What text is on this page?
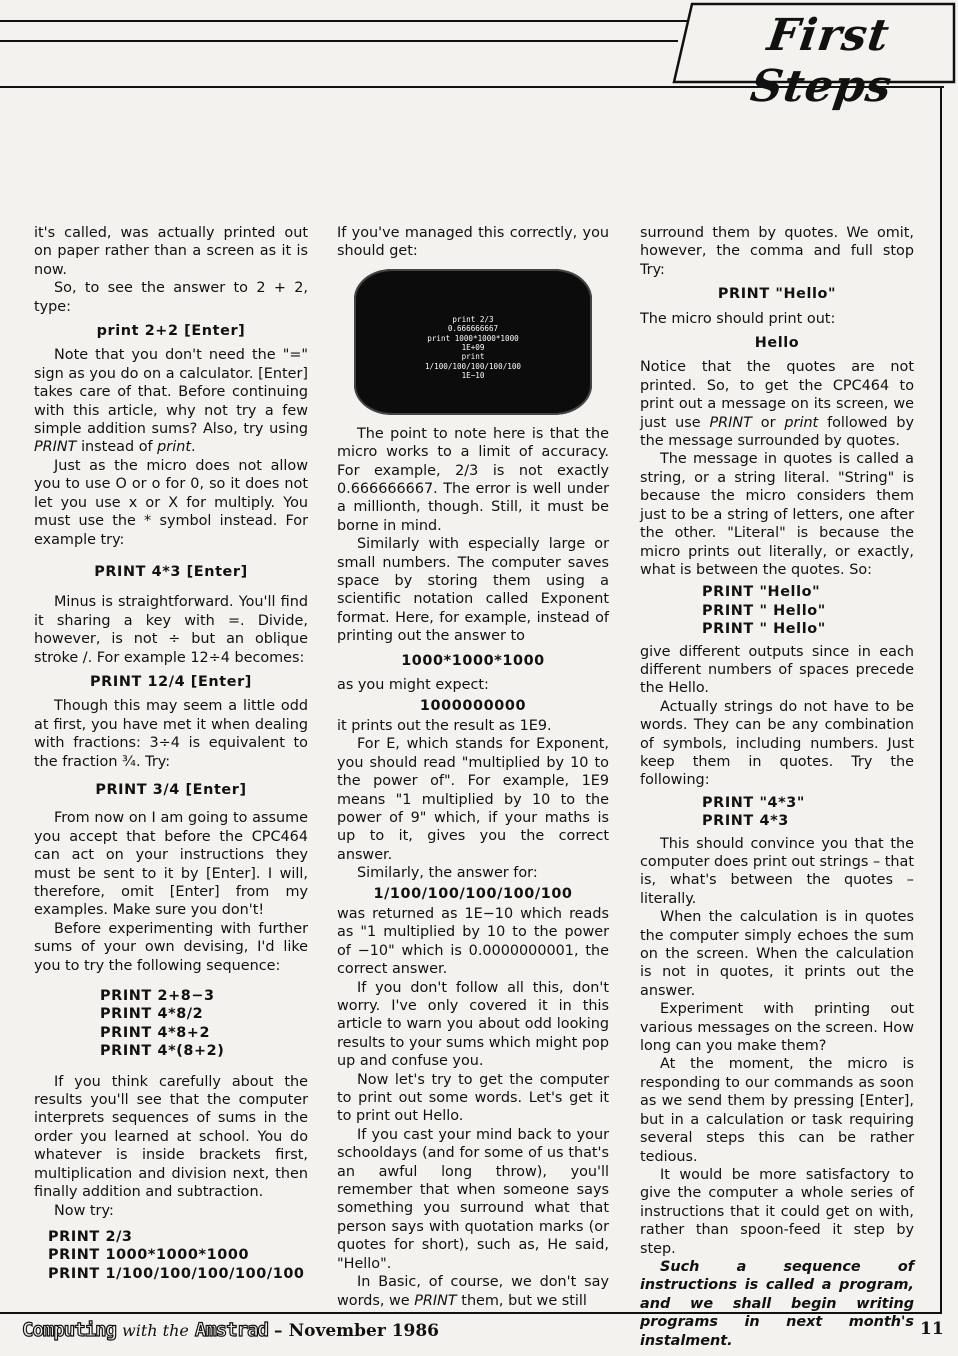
First Steps

it's called, was actually printed out on paper rather than a screen as it is now.

So, to see the answer to 2 + 2, type:

print 2+2 [Enter]

Note that you don't need the "=" sign as you do on a calculator. [Enter] takes care of that. Before continuing with this article, why not try a few simple addition sums? Also, try using PRINT instead of print.

Just as the micro does not allow you to use O or o for 0, so it does not let you use x or X for multiply. You must use the * symbol instead. For example try:

PRINT 4*3 [Enter]

Minus is straightforward. You'll find it sharing a key with =. Divide, however, is not ÷ but an oblique stroke /. For example 12÷4 becomes:

PRINT 12/4 [Enter]

Though this may seem a little odd at first, you have met it when dealing with fractions: 3÷4 is equivalent to the fraction ¾. Try:

PRINT 3/4 [Enter]

From now on I am going to assume you accept that before the CPC464 can act on your instructions they must be sent to it by [Enter]. I will, therefore, omit [Enter] from my examples. Make sure you don't!

Before experimenting with further sums of your own devising, I'd like you to try the following sequence:

PRINT 2+8−3
PRINT 4*8/2
PRINT 4*8+2
PRINT 4*(8+2)

If you think carefully about the results you'll see that the computer interprets sequences of sums in the order you learned at school. You do whatever is inside brackets first, multiplication and division next, then finally addition and subtraction.

Now try:

PRINT 2/3
PRINT 1000*1000*1000
PRINT 1/100/100/100/100/100

If you've managed this correctly, you should get:

print 2/3
0.666666667
print 1000*1000*1000
1E+09
print
1/100/100/100/100/100
1E−10

The point to note here is that the micro works to a limit of accuracy. For example, 2/3 is not exactly 0.666666667. The error is well under a millionth, though. Still, it must be borne in mind.

Similarly with especially large or small numbers. The computer saves space by storing them using a scientific notation called Exponent format. Here, for example, instead of printing out the answer to

1000*1000*1000

as you might expect:

1000000000

it prints out the result as 1E9.

For E, which stands for Exponent, you should read "multiplied by 10 to the power of". For example, 1E9 means "1 multiplied by 10 to the power of 9" which, if your maths is up to it, gives you the correct answer.

Similarly, the answer for:

1/100/100/100/100/100

was returned as 1E−10 which reads as "1 multiplied by 10 to the power of −10" which is 0.0000000001, the correct answer.

If you don't follow all this, don't worry. I've only covered it in this article to warn you about odd looking results to your sums which might pop up and confuse you.

Now let's try to get the computer to print out some words. Let's get it to print out Hello.

If you cast your mind back to your schooldays (and for some of us that's an awful long throw), you'll remember that when someone says something you surround what that person says with quotation marks (or quotes for short), such as, He said, "Hello".

In Basic, of course, we don't say words, we PRINT them, but we still

surround them by quotes. We omit, however, the comma and full stop Try:

PRINT "Hello"

The micro should print out:

Hello

Notice that the quotes are not printed. So, to get the CPC464 to print out a message on its screen, we just use PRINT or print followed by the message surrounded by quotes.

The message in quotes is called a string, or a string literal. "String" is because the micro considers them just to be a string of letters, one after the other. "Literal" is because the micro prints out literally, or exactly, what is between the quotes. So:

PRINT "Hello"
PRINT " Hello"
PRINT " Hello"

give different outputs since in each different numbers of spaces precede the Hello.

Actually strings do not have to be words. They can be any combination of symbols, including numbers. Just keep them in quotes. Try the following:

PRINT "4*3"
PRINT 4*3

This should convince you that the computer does print out strings – that is, what's between the quotes – literally.

When the calculation is in quotes the computer simply echoes the sum on the screen. When the calculation is not in quotes, it prints out the answer.

Experiment with printing out various messages on the screen. How long can you make them?

At the moment, the micro is responding to our commands as soon as we send them by pressing [Enter], but in a calculation or task requiring several steps this can be rather tedious.

It would be more satisfactory to give the computer a whole series of instructions that it could get on with, rather than spoon-feed it step by step.

Such a sequence of instructions is called a program, and we shall begin writing programs in next month's instalment.

Computing with the Amstrad – November 1986	11
